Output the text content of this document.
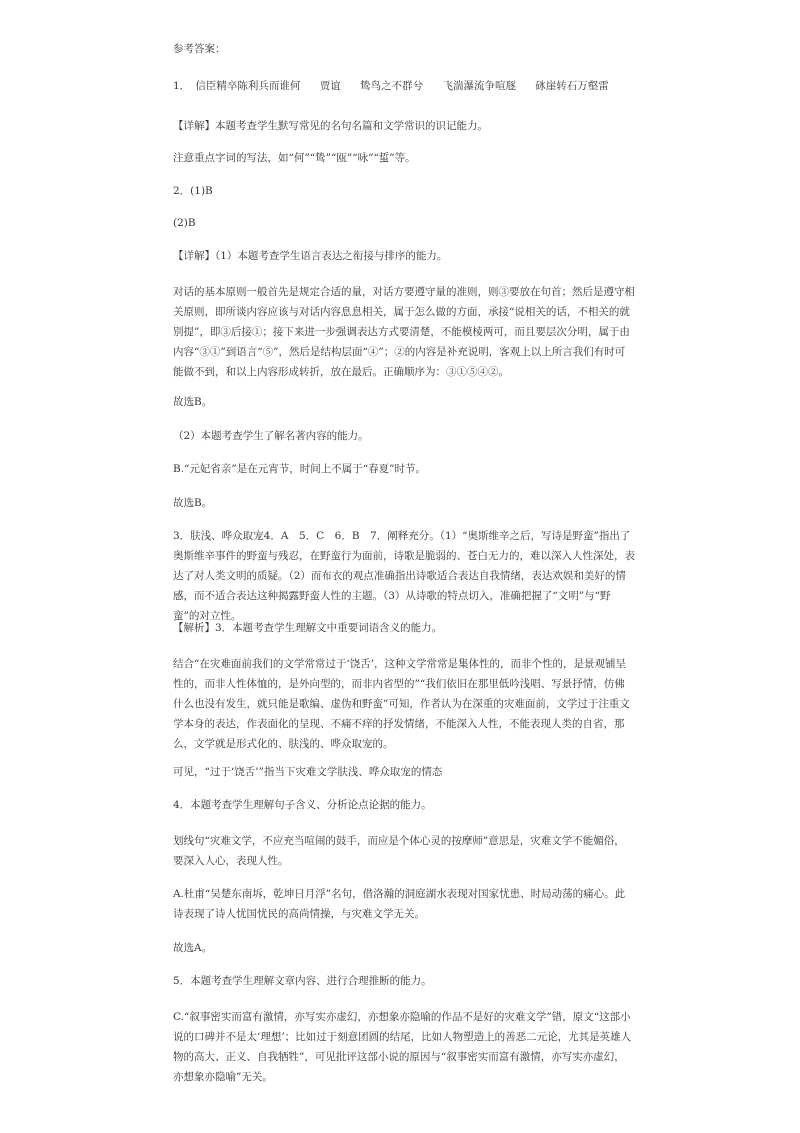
参考答案：

1．　信臣精卒陈利兵而谁何 贾谊 鸷鸟之不群兮 飞湍瀑流争喧豗 砯崖转石万壑雷

【详解】本题考查学生默写常见的名句名篇和文学常识的识记能力。

注意重点字词的写法，如“何”“鸷”“瓯”“咏”“蜇”等。

2．(1)B

(2)B

【详解】（1）本题考查学生语言表达之衔接与排序的能力。

对话的基本原则一般首先是规定合适的量，对话方要遵守量的准则，则③要放在句首；然后是遵守相关原则，即所谈内容应该与对话内容息息相关，属于怎么做的方面，承接“说相关的话，不相关的就别提”，即③后接①；接下来进一步强调表达方式要清楚，不能模棱两可，而且要层次分明，属于由内容“③①”到语言“⑤”，然后是结构层面“④”；②的内容是补充说明，客观上以上所言我们有时可能做不到，和以上内容形成转折，放在最后。正确顺序为：③①⑤④②。

故选B。

（2）本题考查学生了解名著内容的能力。

B.“元妃省亲”是在元宵节，时间上不属于“春夏”时节。

故选B。

3．肤浅、哗众取宠4．A　5．C　6．B　7．阐释充分。（1）“奥斯维辛之后，写诗是野蛮”指出了奥斯维辛事件的野蛮与残忍，在野蛮行为面前，诗歌是脆弱的、苍白无力的，难以深入人性深处，表达了对人类文明的质疑。（2）而布衣的观点准确指出诗歌适合表达自我情绪，表达欢娱和美好的情感，而不适合表达这种揭露野蛮人性的主题。（3）从诗歌的特点切入，准确把握了“文明”与“野蛮”的对立性。

【解析】3．本题考查学生理解文中重要词语含义的能力。

结合“在灾难面前我们的文学常常过于‘饶舌’，这种文学常常是集体性的，而非个性的，是景观铺呈性的，而非人性体恤的，是外向型的，而非内省型的”“我们依旧在那里低吟浅唱、写景抒情，仿佛什么也没有发生，就只能是歌编、虚伪和野蛮”可知，作者认为在深重的灾难面前，文学过于注重文学本身的表达，作表面化的呈现、不痛不痒的抒发情绪，不能深入人性，不能表现人类的自省，那么，文学就是形式化的、肤浅的、哗众取宠的。

可见，“过于‘饶舌’”指当下灾难文学肤浅、哗众取宠的情态

4．本题考查学生理解句子含义、分析论点论据的能力。

划线句“灾难文学，不应充当喧闹的鼓手，而应是个体心灵的按摩师”意思是，灾难文学不能媚俗，要深入人心，表现人性。

A.杜甫“吴楚东南坼，乾坤日月浮”名句，借洛瀚的洞庭湖水表现对国家忧患、时局动荡的痛心。此诗表现了诗人忧国忧民的高尚情操，与灾难文学无关。

故选A。

5．本题考查学生理解文章内容、进行合理推断的能力。

C.“叙事密实而富有激情，亦写实亦虚幻，亦想象亦隐喻的作品不是好的灾难文学”错，原文“这部小说的口碑并不是太‘理想’；比如过于刻意团圆的结尾，比如人物塑造上的善恶二元论，尤其是英雄人物的高大、正义、自我牺牲”，可见批评这部小说的原因与“叙事密实而富有激情，亦写实亦虚幻，亦想象亦隐喻”无关。
